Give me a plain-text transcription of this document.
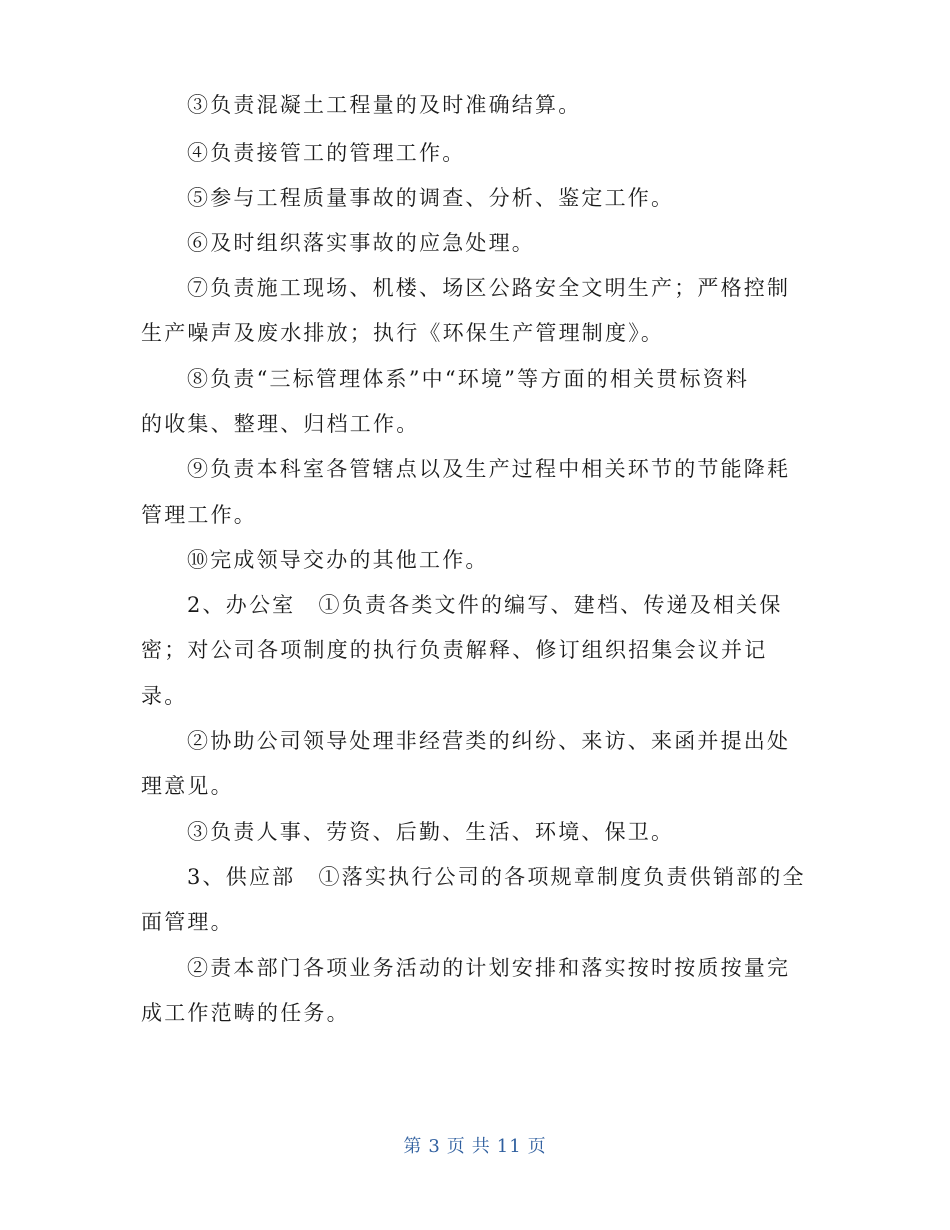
③负责混凝土工程量的及时准确结算。
④负责接管工的管理工作。
⑤参与工程质量事故的调查、分析、鉴定工作。
⑥及时组织落实事故的应急处理。
⑦负责施工现场、机楼、场区公路安全文明生产；严格控制
生产噪声及废水排放；执行《环保生产管理制度》。
⑧负责“三标管理体系”中“环境”等方面的相关贯标资料
的收集、整理、归档工作。
⑨负责本科室各管辖点以及生产过程中相关环节的节能降耗
管理工作。
⑩完成领导交办的其他工作。
2、办公室　①负责各类文件的编写、建档、传递及相关保
密；对公司各项制度的执行负责解释、修订组织招集会议并记
录。
②协助公司领导处理非经营类的纠纷、来访、来函并提出处
理意见。
③负责人事、劳资、后勤、生活、环境、保卫。
3、供应部　①落实执行公司的各项规章制度负责供销部的全
面管理。
②责本部门各项业务活动的计划安排和落实按时按质按量完
成工作范畴的任务。
第 3 页 共 11 页
